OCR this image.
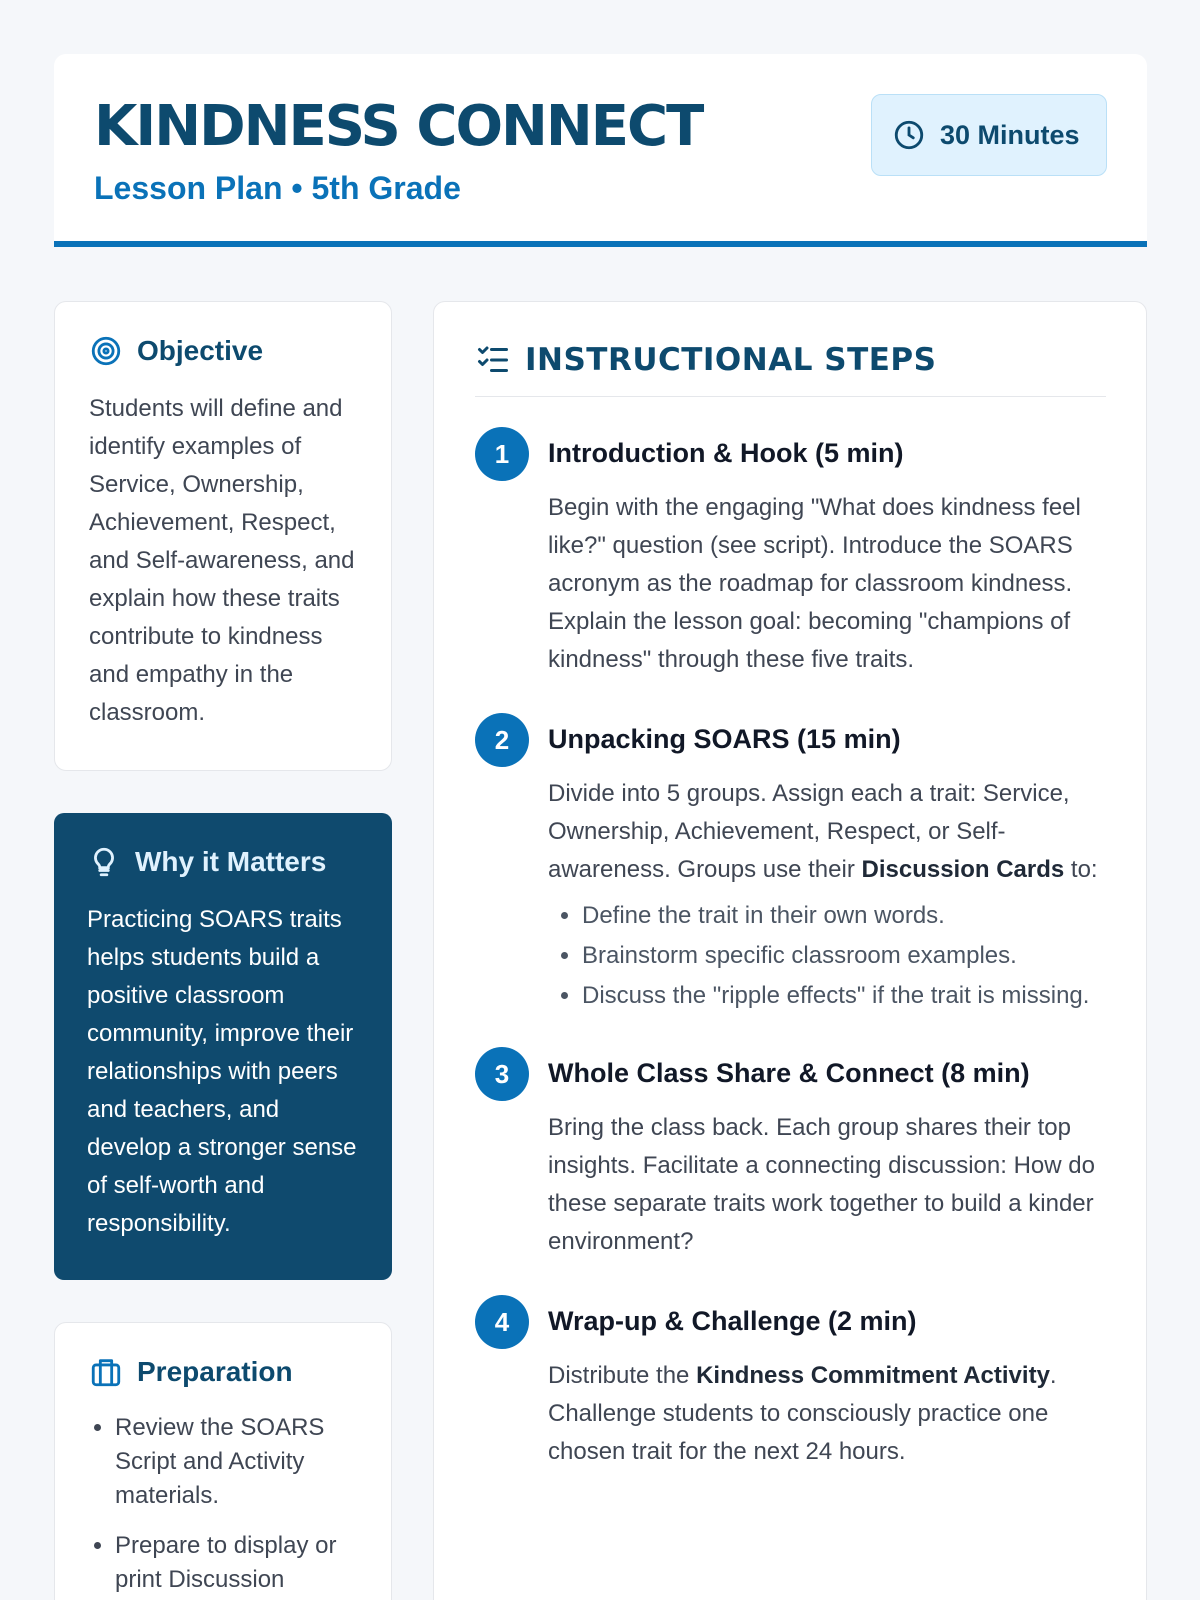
KINDNESS CONNECT
Lesson Plan • 5th Grade
30 Minutes
Objective

Students will define and identify examples of Service, Ownership, Achievement, Respect, and Self-awareness, and explain how these traits contribute to kindness and empathy in the classroom.

Why it Matters

Practicing SOARS traits helps students build a positive classroom community, improve their relationships with peers and teachers, and develop a stronger sense of self-worth and responsibility.

Preparation
• Review the SOARS Script and Activity materials.
• Prepare to display or print Discussion
INSTRUCTIONAL STEPS
1	Introduction & Hook (5 min)

Begin with the engaging "What does kindness feel like?" question (see script). Introduce the SOARS acronym as the roadmap for classroom kindness. Explain the lesson goal: becoming "champions of kindness" through these five traits.

2	Unpacking SOARS (15 min)

Divide into 5 groups. Assign each a trait: Service, Ownership, Achievement, Respect, or Self-awareness. Groups use their Discussion Cards to:

• Define the trait in their own words.
• Brainstorm specific classroom examples.
• Discuss the "ripple effects" if the trait is missing.
3	Whole Class Share & Connect (8 min)

Bring the class back. Each group shares their top insights. Facilitate a connecting discussion: How do these separate traits work together to build a kinder environment?

4	Wrap-up & Challenge (2 min)

Distribute the Kindness Commitment Activity. Challenge students to consciously practice one chosen trait for the next 24 hours.
